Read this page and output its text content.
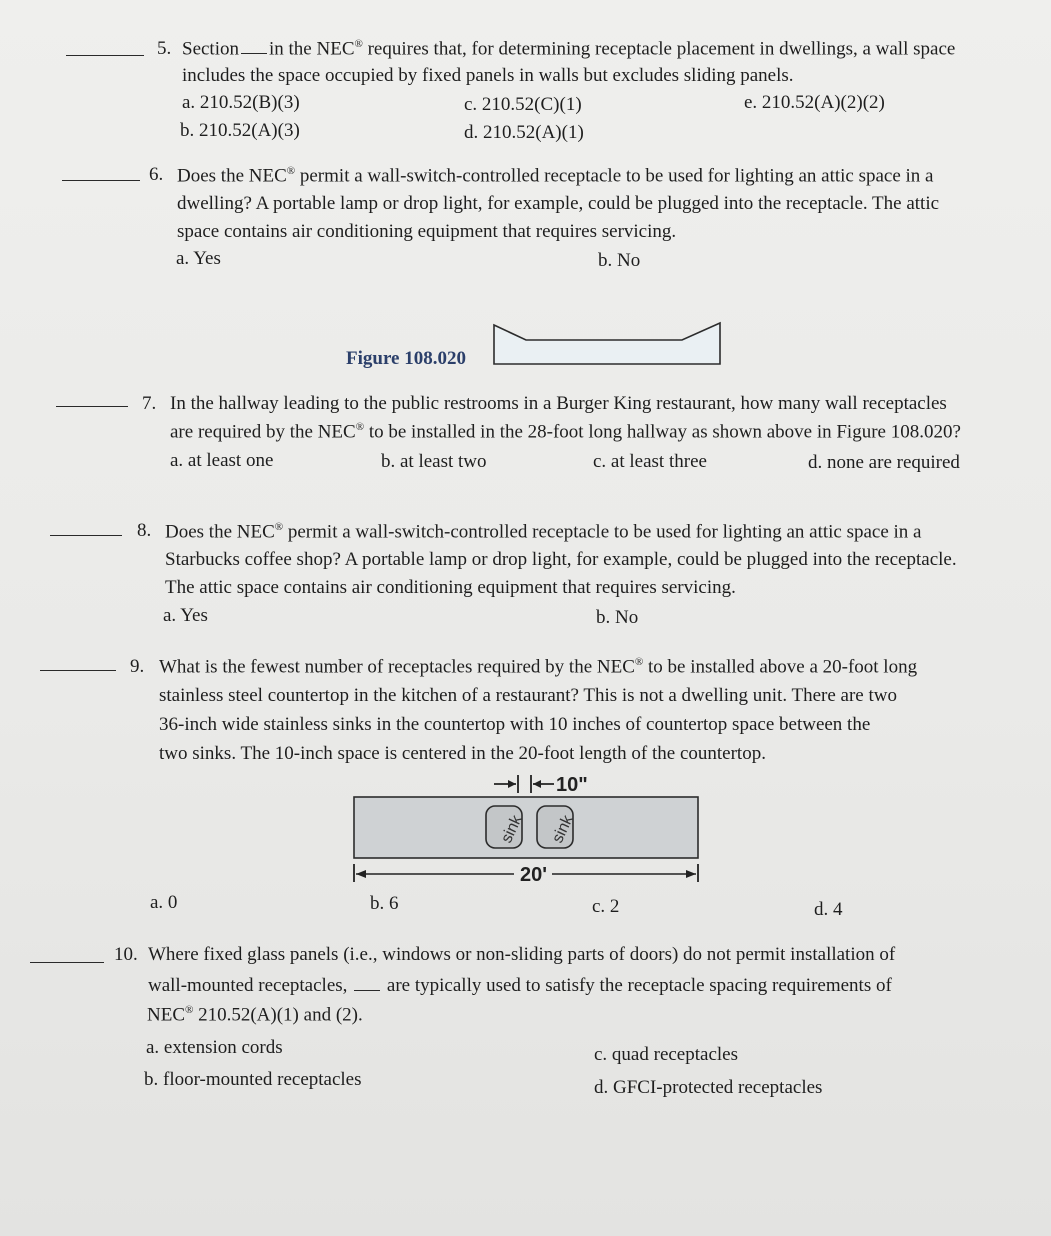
5. Section in the NEC® requires that, for determining receptacle placement in dwellings, a wall space
includes the space occupied by fixed panels in walls but excludes sliding panels.
a. 210.52(B)(3)
b. 210.52(A)(3)
c. 210.52(C)(1)
d. 210.52(A)(1)
e. 210.52(A)(2)(2)
6. Does the NEC® permit a wall-switch-controlled receptacle to be used for lighting an attic space in a
dwelling? A portable lamp or drop light, for example, could be plugged into the receptacle. The attic
space contains air conditioning equipment that requires servicing.
a. Yes	b. No
Figure 108.020
7. In the hallway leading to the public restrooms in a Burger King restaurant, how many wall receptacles
are required by the NEC® to be installed in the 28-foot long hallway as shown above in Figure 108.020?
a. at least one	b. at least two	c. at least three	d. none are required
8. Does the NEC® permit a wall-switch-controlled receptacle to be used for lighting an attic space in a
Starbucks coffee shop? A portable lamp or drop light, for example, could be plugged into the receptacle.
The attic space contains air conditioning equipment that requires servicing.
a. Yes	b. No
9. What is the fewest number of receptacles required by the NEC® to be installed above a 20-foot long
stainless steel countertop in the kitchen of a restaurant? This is not a dwelling unit. There are two
36-inch wide stainless sinks in the countertop with 10 inches of countertop space between the
two sinks. The 10-inch space is centered in the 20-foot length of the countertop.
10"
sink sink
20'
a. 0	b. 6	c. 2	d. 4
10. Where fixed glass panels (i.e., windows or non-sliding parts of doors) do not permit installation of
wall-mounted receptacles, are typically used to satisfy the receptacle spacing requirements of
NEC® 210.52(A)(1) and (2).
a. extension cords
b. floor-mounted receptacles
c. quad receptacles
d. GFCI-protected receptacles
